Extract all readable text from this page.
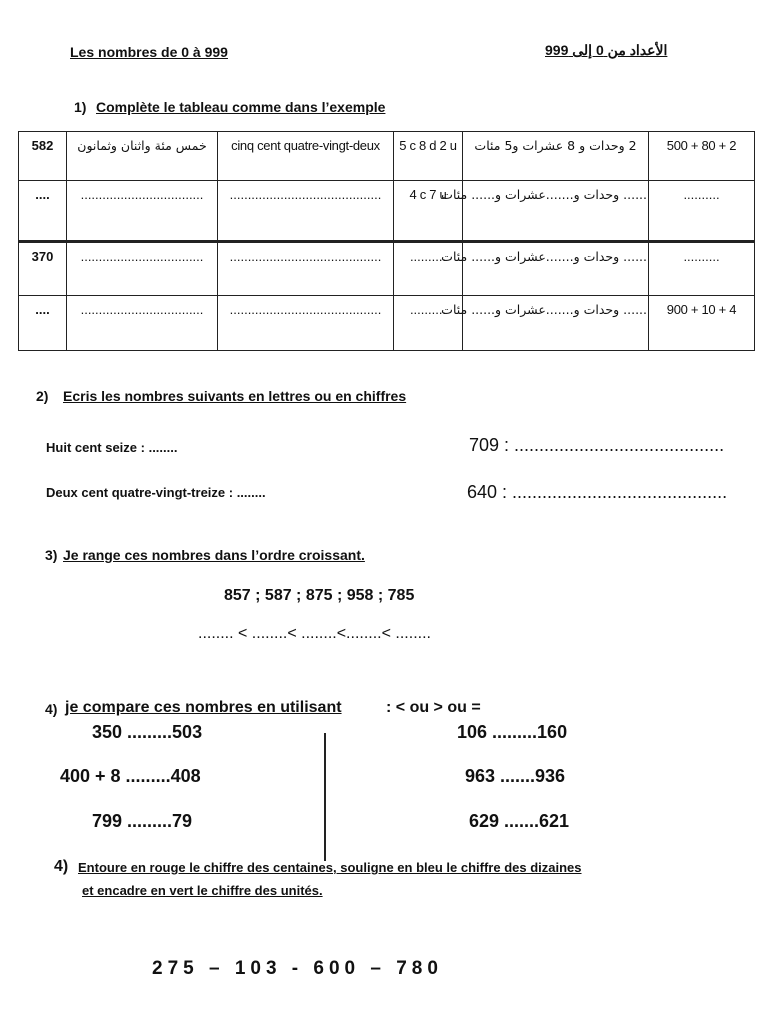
Les nombres de 0 à 999	الأعداد من 0 إلى 999
1) Complète le tableau comme dans l’exemple
582	خمس مئة واثنان وثمانون	cinq cent quatre-vingt-deux	5 c 8 d 2 u	2 وحدات و 8 عشرات و5 مئات	500 + 80 + 2
....	..................................	..........................................	4 c 7 u	...... وحدات و.......عشرات و...... مئات	..........
370	..................................	..........................................	..........	...... وحدات و.......عشرات و...... مئات	..........
....	..................................	..........................................	..........	...... وحدات و.......عشرات و...... مئات	900 + 10 + 4
2) Ecris les nombres suivants en lettres ou en chiffres
Huit cent seize : ........
Deux cent quatre-vingt-treize : ........
709 : ..........................................
640 : ...........................................
3) Je range ces nombres dans l’ordre croissant.
857 ; 587 ; 875 ; 958 ; 785
........ < ........< ........<........< ........
4) je compare ces nombres en utilisant	: < ou > ou =
350 .........503
400 + 8 .........408
799 .........79
106 .........160
963 .......936
629 .......621
4) Entoure en rouge le chiffre des centaines, souligne en bleu le chiffre des dizaines
et encadre en vert le chiffre des unités.
275 – 103 - 600 – 780
